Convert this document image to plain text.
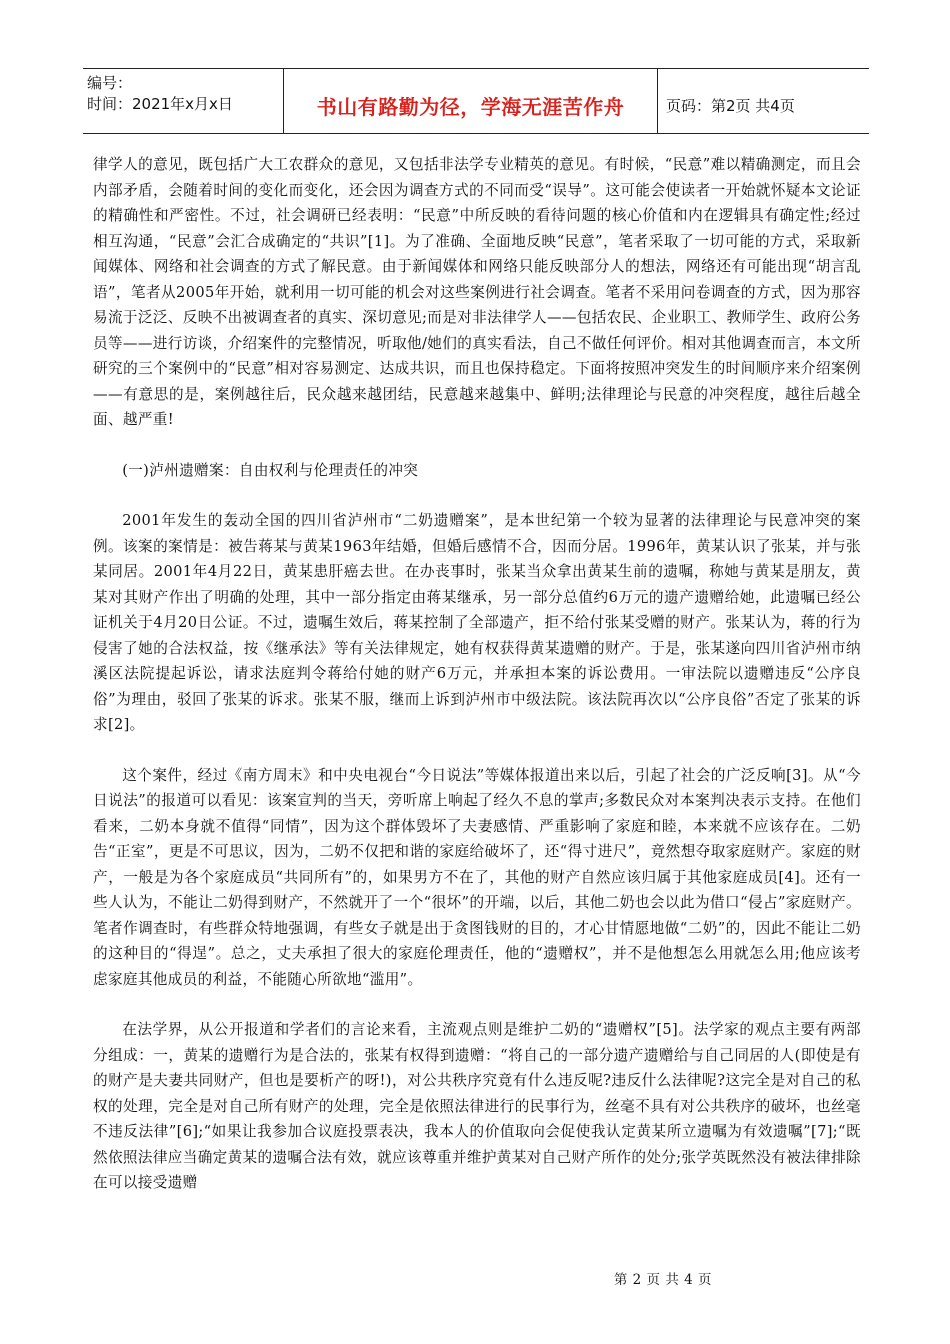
编号：
时间：2021年x月x日	书山有路勤为径，学海无涯苦作舟	页码：第2页 共4页

律学人的意见，既包括广大工农群众的意见，又包括非法学专业精英的意见。有时候，“民意”难以精确测定，而且会内部矛盾，会随着时间的变化而变化，还会因为调查方式的不同而受“误导”。这可能会使读者一开始就怀疑本文论证的精确性和严密性。不过，社会调研已经表明：“民意”中所反映的看待问题的核心价值和内在逻辑具有确定性;经过相互沟通，“民意”会汇合成确定的“共识”[1]。为了准确、全面地反映“民意”，笔者采取了一切可能的方式，采取新闻媒体、网络和社会调查的方式了解民意。由于新闻媒体和网络只能反映部分人的想法，网络还有可能出现“胡言乱语”，笔者从2005年开始，就利用一切可能的机会对这些案例进行社会调查。笔者不采用问卷调查的方式，因为那容易流于泛泛、反映不出被调查者的真实、深切意见;而是对非法律学人——包括农民、企业职工、教师学生、政府公务员等——进行访谈，介绍案件的完整情况，听取他/她们的真实看法，自己不做任何评价。相对其他调查而言，本文所研究的三个案例中的“民意”相对容易测定、达成共识，而且也保持稳定。下面将按照冲突发生的时间顺序来介绍案例——有意思的是，案例越往后，民众越来越团结，民意越来越集中、鲜明;法律理论与民意的冲突程度，越往后越全面、越严重!

(一)泸州遗赠案：自由权利与伦理责任的冲突

2001年发生的轰动全国的四川省泸州市“二奶遗赠案”，是本世纪第一个较为显著的法律理论与民意冲突的案例。该案的案情是：被告蒋某与黄某1963年结婚，但婚后感情不合，因而分居。1996年，黄某认识了张某，并与张某同居。2001年4月22日，黄某患肝癌去世。在办丧事时，张某当众拿出黄某生前的遗嘱，称她与黄某是朋友，黄某对其财产作出了明确的处理，其中一部分指定由蒋某继承，另一部分总值约6万元的遗产遗赠给她，此遗嘱已经公证机关于4月20日公证。不过，遗嘱生效后，蒋某控制了全部遗产，拒不给付张某受赠的财产。张某认为，蒋的行为侵害了她的合法权益，按《继承法》等有关法律规定，她有权获得黄某遗赠的财产。于是，张某遂向四川省泸州市纳溪区法院提起诉讼，请求法庭判令蒋给付她的财产6万元，并承担本案的诉讼费用。一审法院以遗赠违反“公序良俗”为理由，驳回了张某的诉求。张某不服，继而上诉到泸州市中级法院。该法院再次以“公序良俗”否定了张某的诉求[2]。

这个案件，经过《南方周末》和中央电视台“今日说法”等媒体报道出来以后，引起了社会的广泛反响[3]。从“今日说法”的报道可以看见：该案宣判的当天，旁听席上响起了经久不息的掌声;多数民众对本案判决表示支持。在他们看来，二奶本身就不值得“同情”，因为这个群体毁坏了夫妻感情、严重影响了家庭和睦，本来就不应该存在。二奶告“正室”，更是不可思议，因为，二奶不仅把和谐的家庭给破坏了，还“得寸进尺”，竟然想夺取家庭财产。家庭的财产，一般是为各个家庭成员“共同所有”的，如果男方不在了，其他的财产自然应该归属于其他家庭成员[4]。还有一些人认为，不能让二奶得到财产，不然就开了一个“很坏”的开端，以后，其他二奶也会以此为借口“侵占”家庭财产。笔者作调查时，有些群众特地强调，有些女子就是出于贪图钱财的目的，才心甘情愿地做“二奶”的，因此不能让二奶的这种目的“得逞”。总之，丈夫承担了很大的家庭伦理责任，他的“遗赠权”，并不是他想怎么用就怎么用;他应该考虑家庭其他成员的利益，不能随心所欲地“滥用”。

在法学界，从公开报道和学者们的言论来看，主流观点则是维护二奶的“遗赠权”[5]。法学家的观点主要有两部分组成：一，黄某的遗赠行为是合法的，张某有权得到遗赠：“将自己的一部分遗产遗赠给与自己同居的人(即使是有的财产是夫妻共同财产，但也是要析产的呀!)，对公共秩序究竟有什么违反呢?违反什么法律呢?这完全是对自己的私权的处理，完全是对自己所有财产的处理，完全是依照法律进行的民事行为，丝毫不具有对公共秩序的破坏，也丝毫不违反法律”[6];“如果让我参加合议庭投票表决，我本人的价值取向会促使我认定黄某所立遗嘱为有效遗嘱”[7];“既然依照法律应当确定黄某的遗嘱合法有效，就应该尊重并维护黄某对自己财产所作的处分;张学英既然没有被法律排除在可以接受遗赠

第 2 页 共 4 页
